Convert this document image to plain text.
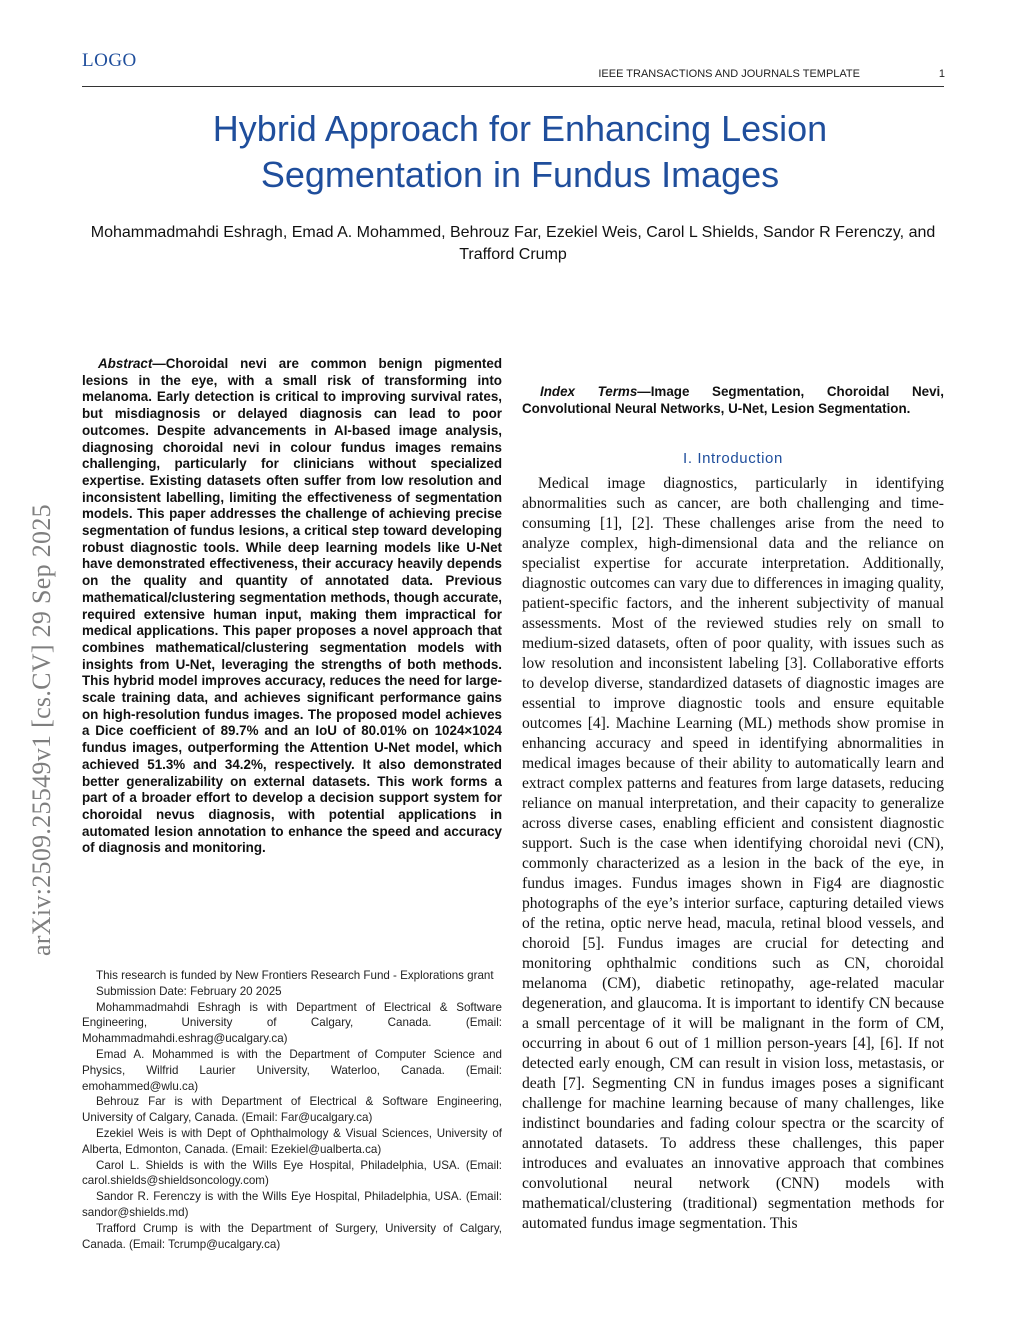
LOGO
IEEE TRANSACTIONS AND JOURNALS TEMPLATE	1
Hybrid Approach for Enhancing Lesion Segmentation in Fundus Images
Mohammadmahdi Eshragh, Emad A. Mohammed, Behrouz Far, Ezekiel Weis, Carol L Shields, Sandor R Ferenczy, and Trafford Crump
arXiv:2509.25549v1 [cs.CV] 29 Sep 2025

Abstract—Choroidal nevi are common benign pigmented lesions in the eye, with a small risk of transforming into melanoma. Early detection is critical to improving survival rates, but misdiagnosis or delayed diagnosis can lead to poor outcomes. Despite advancements in AI-based image analysis, diagnosing choroidal nevi in colour fundus images remains challenging, particularly for clinicians without specialized expertise. Existing datasets often suffer from low resolution and inconsistent labelling, limiting the effectiveness of segmentation models. This paper addresses the challenge of achieving precise segmentation of fundus lesions, a critical step toward developing robust diagnostic tools. While deep learning models like U-Net have demonstrated effectiveness, their accuracy heavily depends on the quality and quantity of annotated data. Previous mathematical/clustering segmentation methods, though accurate, required extensive human input, making them impractical for medical applications. This paper proposes a novel approach that combines mathematical/clustering segmentation models with insights from U-Net, leveraging the strengths of both methods. This hybrid model improves accuracy, reduces the need for large-scale training data, and achieves significant performance gains on high-resolution fundus images. The proposed model achieves a Dice coefficient of 89.7% and an IoU of 80.01% on 1024×1024 fundus images, outperforming the Attention U-Net model, which achieved 51.3% and 34.2%, respectively. It also demonstrated better generalizability on external datasets. This work forms a part of a broader effort to develop a decision support system for choroidal nevus diagnosis, with potential applications in automated lesion annotation to enhance the speed and accuracy of diagnosis and monitoring.

This research is funded by New Frontiers Research Fund - Explorations grant

Submission Date: February 20 2025

Mohammadmahdi Eshragh is with Department of Electrical & Software Engineering, University of Calgary, Canada. (Email: Mohammadmahdi.eshrag@ucalgary.ca)

Emad A. Mohammed is with the Department of Computer Science and Physics, Wilfrid Laurier University, Waterloo, Canada. (Email: emohammed@wlu.ca)

Behrouz Far is with Department of Electrical & Software Engineering, University of Calgary, Canada. (Email: Far@ucalgary.ca)

Ezekiel Weis is with Dept of Ophthalmology & Visual Sciences, University of Alberta, Edmonton, Canada. (Email: Ezekiel@ualberta.ca)

Carol L. Shields is with the Wills Eye Hospital, Philadelphia, USA. (Email: carol.shields@shieldsoncology.com)

Sandor R. Ferenczy is with the Wills Eye Hospital, Philadelphia, USA. (Email: sandor@shields.md)

Trafford Crump is with the Department of Surgery, University of Calgary, Canada. (Email: Tcrump@ucalgary.ca)

Index Terms—Image Segmentation, Choroidal Nevi, Convolutional Neural Networks, U-Net, Lesion Segmentation.

I. Introduction

Medical image diagnostics, particularly in identifying abnormalities such as cancer, are both challenging and time-consuming [1], [2]. These challenges arise from the need to analyze complex, high-dimensional data and the reliance on specialist expertise for accurate interpretation. Additionally, diagnostic outcomes can vary due to differences in imaging quality, patient-specific factors, and the inherent subjectivity of manual assessments. Most of the reviewed studies rely on small to medium-sized datasets, often of poor quality, with issues such as low resolution and inconsistent labeling [3]. Collaborative efforts to develop diverse, standardized datasets of diagnostic images are essential to improve diagnostic tools and ensure equitable outcomes [4]. Machine Learning (ML) methods show promise in enhancing accuracy and speed in identifying abnormalities in medical images because of their ability to automatically learn and extract complex patterns and features from large datasets, reducing reliance on manual interpretation, and their capacity to generalize across diverse cases, enabling efficient and consistent diagnostic support. Such is the case when identifying choroidal nevi (CN), commonly characterized as a lesion in the back of the eye, in fundus images. Fundus images shown in Fig4 are diagnostic photographs of the eye’s interior surface, capturing detailed views of the retina, optic nerve head, macula, retinal blood vessels, and choroid [5]. Fundus images are crucial for detecting and monitoring ophthalmic conditions such as CN, choroidal melanoma (CM), diabetic retinopathy, age-related macular degeneration, and glaucoma. It is important to identify CN because a small percentage of it will be malignant in the form of CM, occurring in about 6 out of 1 million person-years [4], [6]. If not detected early enough, CM can result in vision loss, metastasis, or death [7]. Segmenting CN in fundus images poses a significant challenge for machine learning because of many challenges, like indistinct boundaries and fading colour spectra or the scarcity of annotated datasets. To address these challenges, this paper introduces and evaluates an innovative approach that combines convolutional neural network (CNN) models with mathematical/clustering (traditional) segmentation methods for automated fundus image segmentation. This
